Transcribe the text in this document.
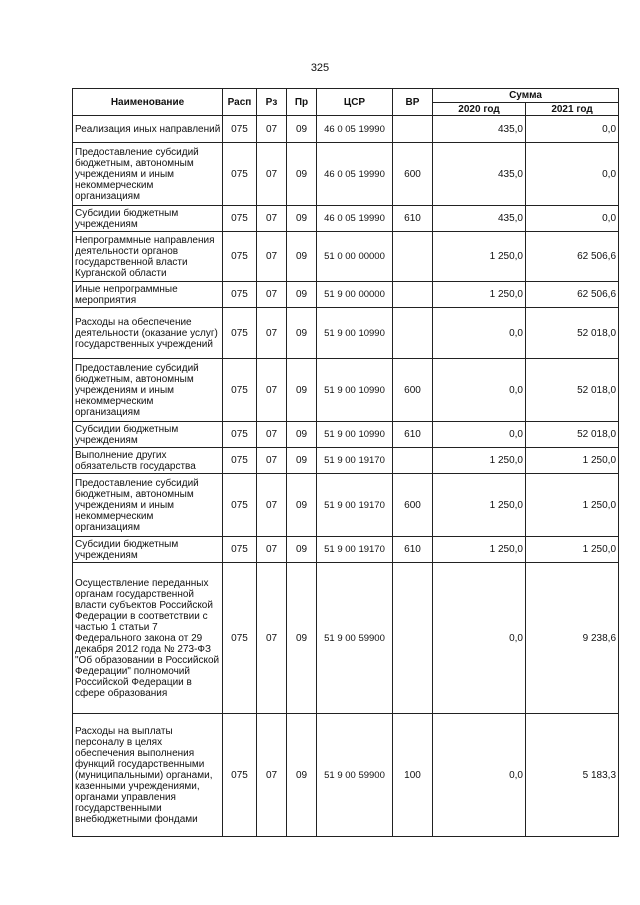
325
Наименование	Расп	Рз	Пр	ЦСР	ВР	Сумма	
						2020 год	2021 год
Реализация иных направлений	075	07	09	46 0 05 19990		435,0	0,0
Предоставление субсидий бюджетным, автономным учреждениям и иным некоммерческим организациям	075	07	09	46 0 05 19990	600	435,0	0,0
Субсидии бюджетным учреждениям	075	07	09	46 0 05 19990	610	435,0	0,0
Непрограммные направления деятельности органов государственной власти Курганской области	075	07	09	51 0 00 00000		1 250,0	62 506,6
Иные непрограммные мероприятия	075	07	09	51 9 00 00000		1 250,0	62 506,6
Расходы на обеспечение деятельности (оказание услуг) государственных учреждений	075	07	09	51 9 00 10990		0,0	52 018,0
Предоставление субсидий бюджетным, автономным учреждениям и иным некоммерческим организациям	075	07	09	51 9 00 10990	600	0,0	52 018,0
Субсидии бюджетным учреждениям	075	07	09	51 9 00 10990	610	0,0	52 018,0
Выполнение других обязательств государства	075	07	09	51 9 00 19170		1 250,0	1 250,0
Предоставление субсидий бюджетным, автономным учреждениям и иным некоммерческим организациям	075	07	09	51 9 00 19170	600	1 250,0	1 250,0
Субсидии бюджетным учреждениям	075	07	09	51 9 00 19170	610	1 250,0	1 250,0
Осуществление переданных органам государственной власти субъектов Российской Федерации в соответствии с частью 1 статьи 7 Федерального закона от 29 декабря 2012 года № 273-ФЗ "Об образовании в Российской Федерации" полномочий Российской Федерации в сфере образования	075	07	09	51 9 00 59900		0,0	9 238,6
Расходы на выплаты персоналу в целях обеспечения выполнения функций государственными (муниципальными) органами, казенными учреждениями, органами управления государственными внебюджетными фондами	075	07	09	51 9 00 59900	100	0,0	5 183,3
